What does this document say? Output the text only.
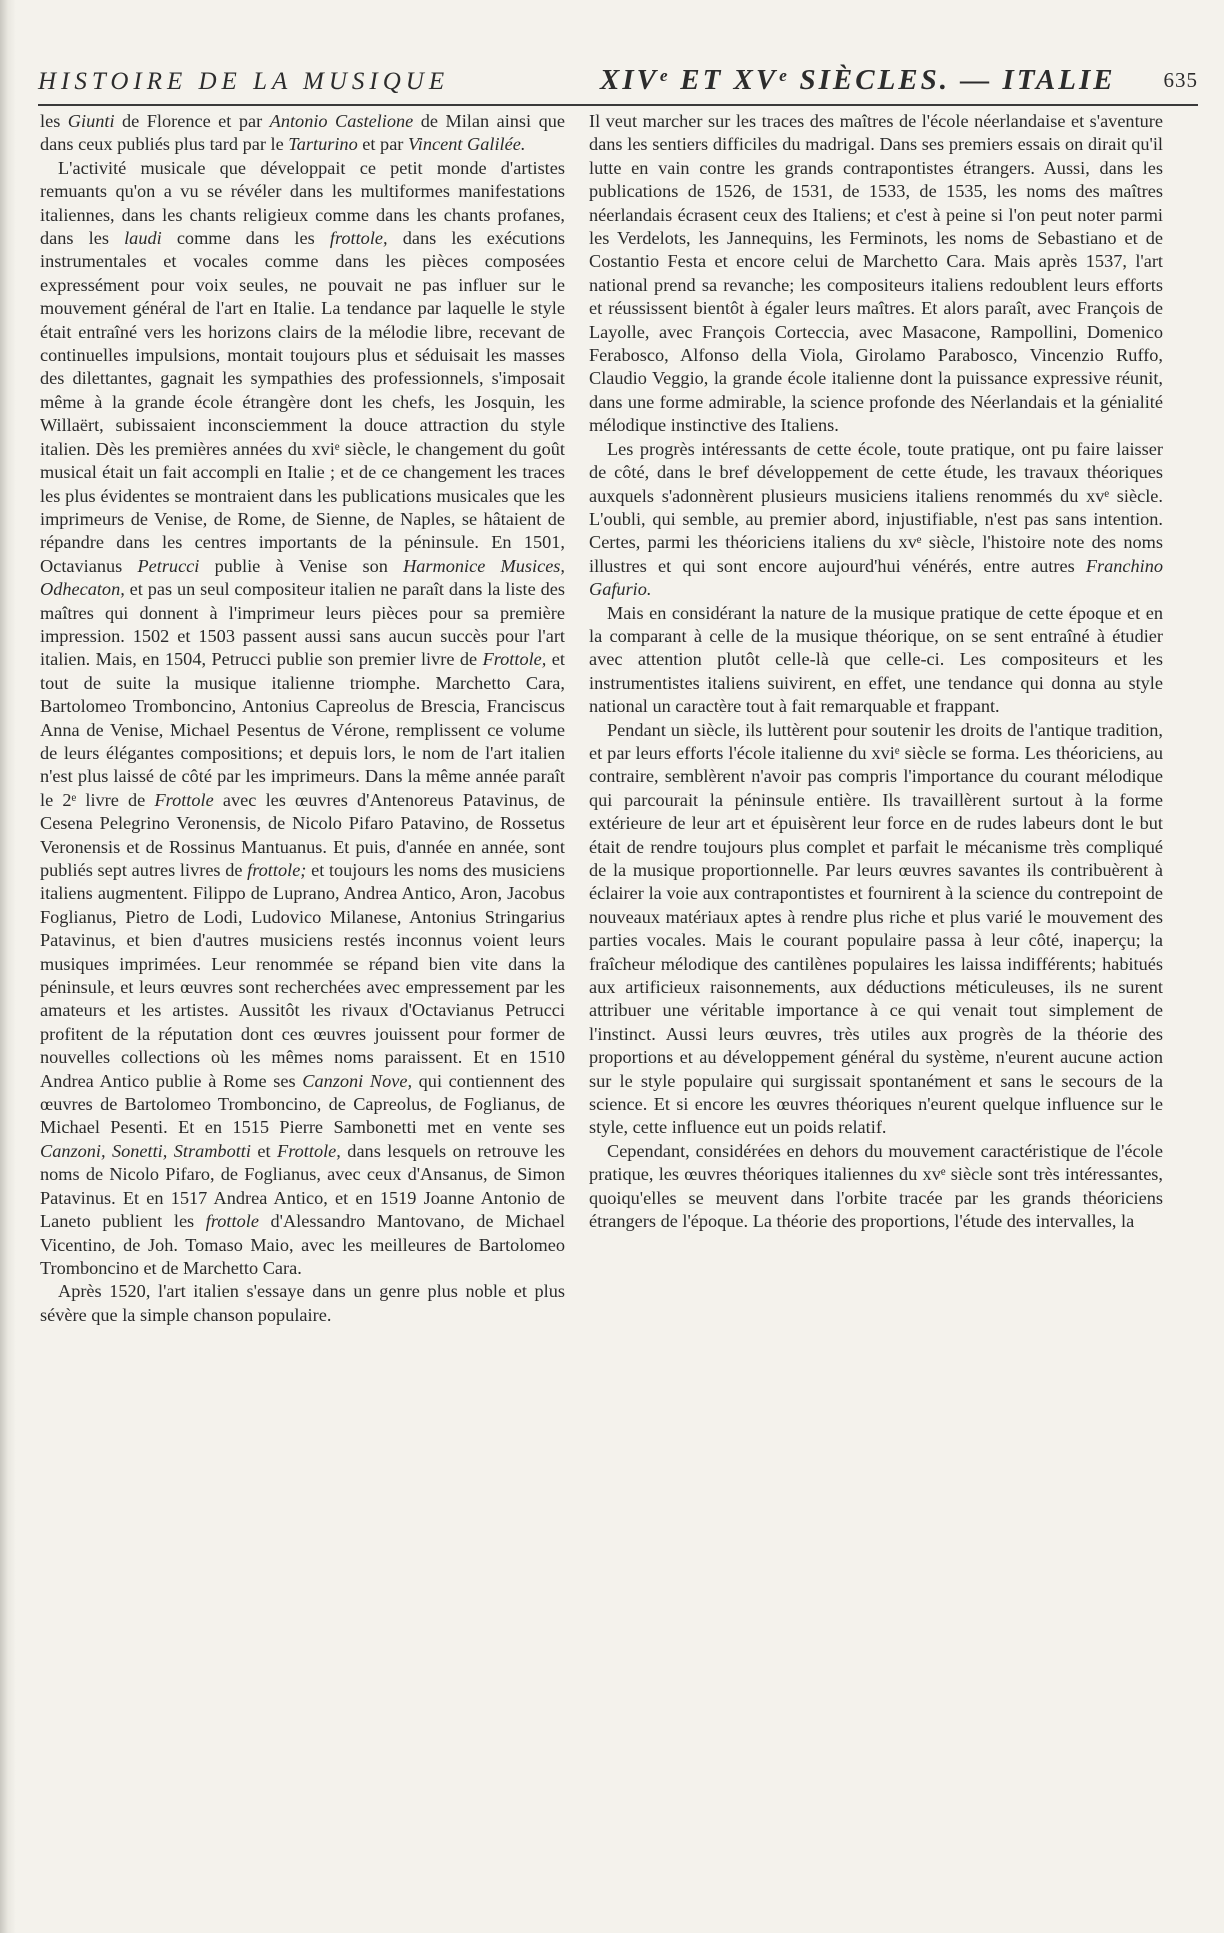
HISTOIRE DE LA MUSIQUE	XIVᵉ ET XVᵉ SIÈCLES. — ITALIE 635

les Giunti de Florence et par Antonio Castelione de Milan ainsi que dans ceux publiés plus tard par le Tarturino et par Vincent Galilée.

L'activité musicale que développait ce petit monde d'artistes remuants qu'on a vu se révéler dans les multiformes manifestations italiennes, dans les chants religieux comme dans les chants profanes, dans les laudi comme dans les frottole, dans les exécutions instrumentales et vocales comme dans les pièces composées expressément pour voix seules, ne pouvait ne pas influer sur le mouvement général de l'art en Italie. La tendance par laquelle le style était entraîné vers les horizons clairs de la mélodie libre, recevant de continuelles impulsions, montait toujours plus et séduisait les masses des dilettantes, gagnait les sympathies des professionnels, s'imposait même à la grande école étrangère dont les chefs, les Josquin, les Willaërt, subissaient inconsciemment la douce attraction du style italien. Dès les premières années du xviᵉ siècle, le changement du goût musical était un fait accompli en Italie ; et de ce changement les traces les plus évidentes se montraient dans les publications musicales que les imprimeurs de Venise, de Rome, de Sienne, de Naples, se hâtaient de répandre dans les centres importants de la péninsule. En 1501, Octavianus Petrucci publie à Venise son Harmonice Musices, Odhecaton, et pas un seul compositeur italien ne paraît dans la liste des maîtres qui donnent à l'imprimeur leurs pièces pour sa première impression. 1502 et 1503 passent aussi sans aucun succès pour l'art italien. Mais, en 1504, Petrucci publie son premier livre de Frottole, et tout de suite la musique italienne triomphe. Marchetto Cara, Bartolomeo Tromboncino, Antonius Capreolus de Brescia, Franciscus Anna de Venise, Michael Pesentus de Vérone, remplissent ce volume de leurs élégantes compositions; et depuis lors, le nom de l'art italien n'est plus laissé de côté par les imprimeurs. Dans la même année paraît le 2ᵉ livre de Frottole avec les œuvres d'Antenoreus Patavinus, de Cesena Pelegrino Veronensis, de Nicolo Pifaro Patavino, de Rossetus Veronensis et de Rossinus Mantuanus. Et puis, d'année en année, sont publiés sept autres livres de frottole; et toujours les noms des musiciens italiens augmentent. Filippo de Luprano, Andrea Antico, Aron, Jacobus Foglianus, Pietro de Lodi, Ludovico Milanese, Antonius Stringarius Patavinus, et bien d'autres musiciens restés inconnus voient leurs musiques imprimées. Leur renommée se répand bien vite dans la péninsule, et leurs œuvres sont recherchées avec empressement par les amateurs et les artistes. Aussitôt les rivaux d'Octavianus Petrucci profitent de la réputation dont ces œuvres jouissent pour former de nouvelles collections où les mêmes noms paraissent. Et en 1510 Andrea Antico publie à Rome ses Canzoni Nove, qui contiennent des œuvres de Bartolomeo Tromboncino, de Capreolus, de Foglianus, de Michael Pesenti. Et en 1515 Pierre Sambonetti met en vente ses Canzoni, Sonetti, Strambotti et Frottole, dans lesquels on retrouve les noms de Nicolo Pifaro, de Foglianus, avec ceux d'Ansanus, de Simon Patavinus. Et en 1517 Andrea Antico, et en 1519 Joanne Antonio de Laneto publient les frottole d'Alessandro Mantovano, de Michael Vicentino, de Joh. Tomaso Maio, avec les meilleures de Bartolomeo Tromboncino et de Marchetto Cara.

Après 1520, l'art italien s'essaye dans un genre plus noble et plus sévère que la simple chanson populaire.

Il veut marcher sur les traces des maîtres de l'école néerlandaise et s'aventure dans les sentiers difficiles du madrigal. Dans ses premiers essais on dirait qu'il lutte en vain contre les grands contrapontistes étrangers. Aussi, dans les publications de 1526, de 1531, de 1533, de 1535, les noms des maîtres néerlandais écrasent ceux des Italiens; et c'est à peine si l'on peut noter parmi les Verdelots, les Jannequins, les Ferminots, les noms de Sebastiano et de Costantio Festa et encore celui de Marchetto Cara. Mais après 1537, l'art national prend sa revanche; les compositeurs italiens redoublent leurs efforts et réussissent bientôt à égaler leurs maîtres. Et alors paraît, avec François de Layolle, avec François Corteccia, avec Masacone, Rampollini, Domenico Ferabosco, Alfonso della Viola, Girolamo Parabosco, Vincenzio Ruffo, Claudio Veggio, la grande école italienne dont la puissance expressive réunit, dans une forme admirable, la science profonde des Néerlandais et la génialité mélodique instinctive des Italiens.

Les progrès intéressants de cette école, toute pratique, ont pu faire laisser de côté, dans le bref développement de cette étude, les travaux théoriques auxquels s'adonnèrent plusieurs musiciens italiens renommés du xvᵉ siècle. L'oubli, qui semble, au premier abord, injustifiable, n'est pas sans intention. Certes, parmi les théoriciens italiens du xvᵉ siècle, l'histoire note des noms illustres et qui sont encore aujourd'hui vénérés, entre autres Franchino Gafurio.

Mais en considérant la nature de la musique pratique de cette époque et en la comparant à celle de la musique théorique, on se sent entraîné à étudier avec attention plutôt celle-là que celle-ci. Les compositeurs et les instrumentistes italiens suivirent, en effet, une tendance qui donna au style national un caractère tout à fait remarquable et frappant.

Pendant un siècle, ils luttèrent pour soutenir les droits de l'antique tradition, et par leurs efforts l'école italienne du xviᵉ siècle se forma. Les théoriciens, au contraire, semblèrent n'avoir pas compris l'importance du courant mélodique qui parcourait la péninsule entière. Ils travaillèrent surtout à la forme extérieure de leur art et épuisèrent leur force en de rudes labeurs dont le but était de rendre toujours plus complet et parfait le mécanisme très compliqué de la musique proportionnelle. Par leurs œuvres savantes ils contribuèrent à éclairer la voie aux contrapontistes et fournirent à la science du contrepoint de nouveaux matériaux aptes à rendre plus riche et plus varié le mouvement des parties vocales. Mais le courant populaire passa à leur côté, inaperçu; la fraîcheur mélodique des cantilènes populaires les laissa indifférents; habitués aux artificieux raisonnements, aux déductions méticuleuses, ils ne surent attribuer une véritable importance à ce qui venait tout simplement de l'instinct. Aussi leurs œuvres, très utiles aux progrès de la théorie des proportions et au développement général du système, n'eurent aucune action sur le style populaire qui surgissait spontanément et sans le secours de la science. Et si encore les œuvres théoriques n'eurent quelque influence sur le style, cette influence eut un poids relatif.

Cependant, considérées en dehors du mouvement caractéristique de l'école pratique, les œuvres théoriques italiennes du xvᵉ siècle sont très intéressantes, quoiqu'elles se meuvent dans l'orbite tracée par les grands théoriciens étrangers de l'époque. La théorie des proportions, l'étude des intervalles, la
